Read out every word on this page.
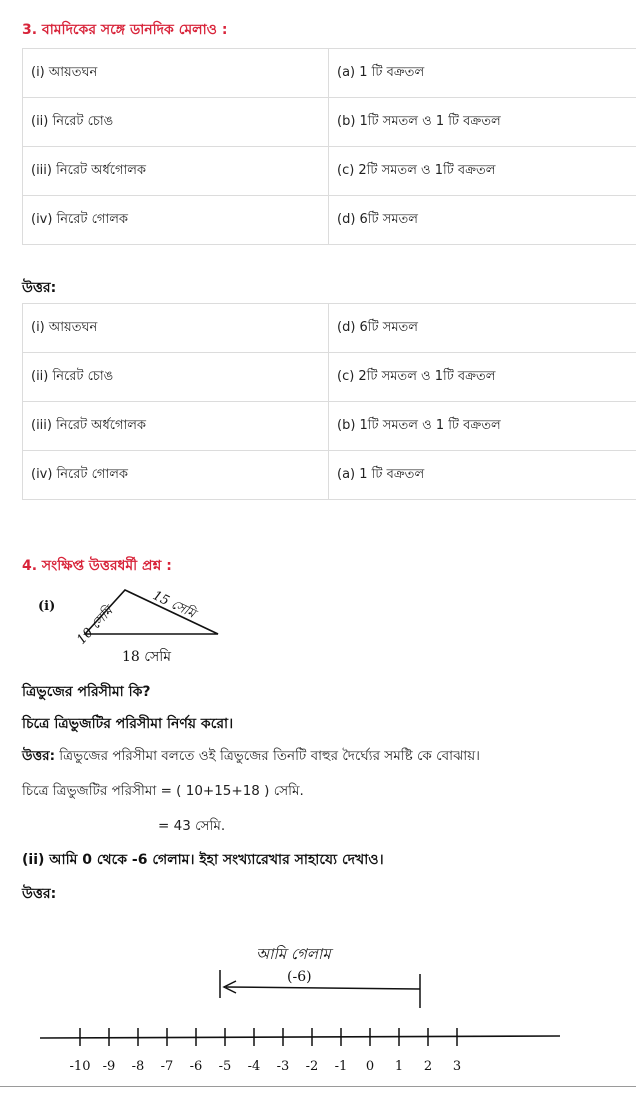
3. বামদিকের সঙ্গে ডানদিক মেলাও :
(i) আয়তঘন	(a) 1 টি বক্রতল
(ii) নিরেট চোঙ	(b) 1টি সমতল ও 1 টি বক্রতল
(iii) নিরেট অর্ধগোলক	(c) 2টি সমতল ও 1টি বক্রতল
(iv) নিরেট গোলক	(d) 6টি সমতল
উত্তর:
(i) আয়তঘন	(d) 6টি সমতল
(ii) নিরেট চোঙ	(c) 2টি সমতল ও 1টি বক্রতল
(iii) নিরেট অর্ধগোলক	(b) 1টি সমতল ও 1 টি বক্রতল
(iv) নিরেট গোলক	(a) 1 টি বক্রতল
4. সংক্ষিপ্ত উত্তরধর্মী প্রশ্ন :
(i) 10 সেমি	15 সেমি
18 সেমি
ত্রিভুজের পরিসীমা কি?
চিত্রে ত্রিভুজটির পরিসীমা নির্ণয় করো।
উত্তর: ত্রিভুজের পরিসীমা বলতে ওই ত্রিভুজের তিনটি বাহুর দৈর্ঘ্যের সমষ্টি কে বোঝায়।
চিত্রে ত্রিভুজটির পরিসীমা = ( 10+15+18 ) সেমি.
= 43 সেমি.
(ii) আমি 0 থেকে -6 গেলাম। ইহা সংখ্যারেখার সাহায্যে দেখাও।
উত্তর:
আমি গেলাম
(-6)
-10 -9 -8 -7 -6 -5 -4 -3 -2 -1 0 1 2 3
